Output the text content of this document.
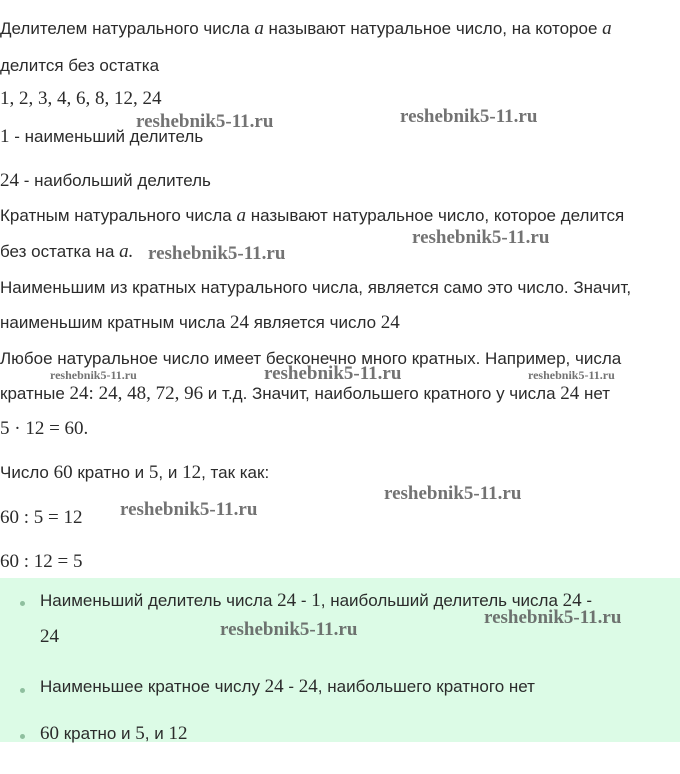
Делителем натурального числа a называют натуральное число, на которое a
делится без остатка
1, 2, 3, 4, 6, 8, 12, 24
1 - наименьший делитель
24 - наибольший делитель
Кратным натурального числа a называют натуральное число, которое делится
без остатка на a.
Наименьшим из кратных натурального числа, является само это число. Значит,
наименьшим кратным числа 24 является число 24
Любое натуральное число имеет бесконечно много кратных. Например, числа
кратные 24: 24, 48, 72, 96 и т.д. Значит, наибольшего кратного у числа 24 нет
5 · 12 = 60.
Число 60 кратно и 5, и 12, так как:
60 : 5 = 12
60 : 12 = 5
Наименьший делитель числа 24 - 1, наибольший делитель числа 24 -
24
Наименьшее кратное числу 24 - 24, наибольшего кратного нет
60 кратно и 5, и 12
reshebnik5-11.ru	reshebnik5-11.ru
reshebnik5-11.ru
reshebnik5-11.ru
reshebnik5-11.ru	reshebnik5-11.ru	reshebnik5-11.ru
reshebnik5-11.ru
reshebnik5-11.ru
reshebnik5-11.ru
reshebnik5-11.ru
